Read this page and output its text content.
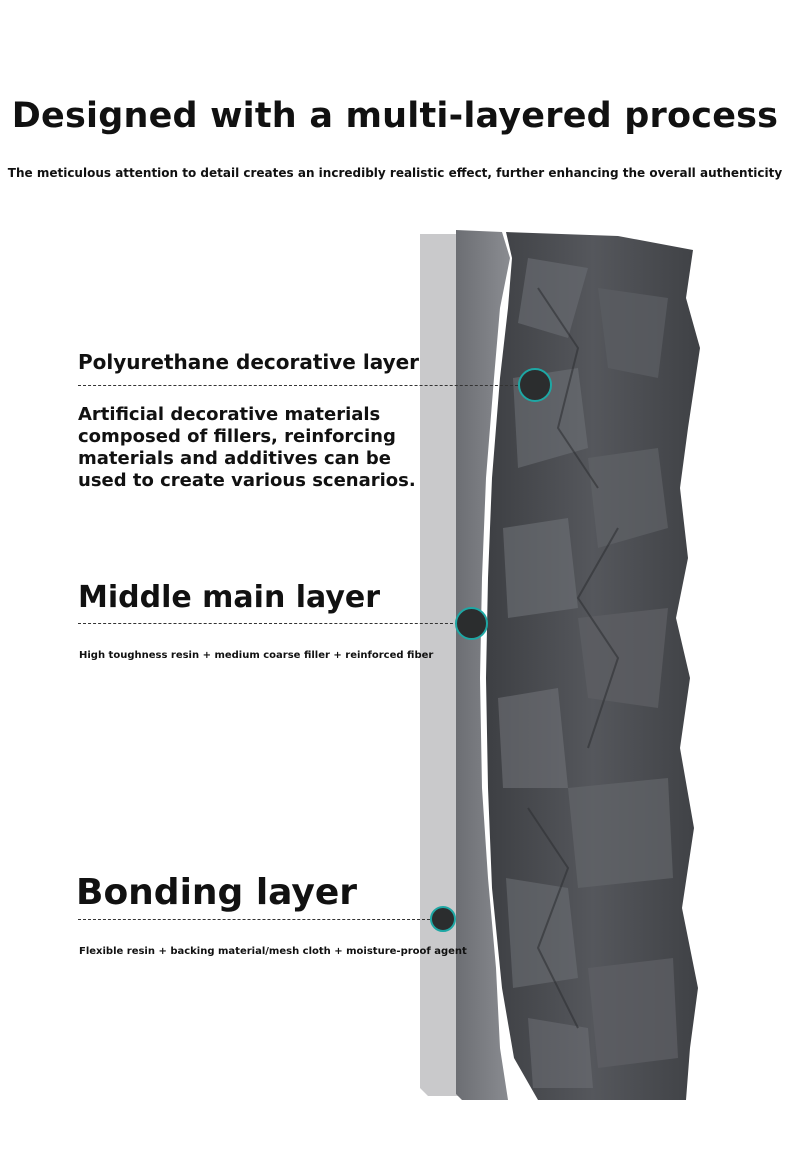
Designed with a multi-layered process

The meticulous attention to detail creates an incredibly realistic effect, further enhancing the overall authenticity

Polyurethane decorative layer

Artificial decorative materials composed of fillers, reinforcing materials and additives can be used to create various scenarios.

Middle main layer

High toughness resin + medium coarse filler + reinforced fiber

Bonding layer

Flexible resin + backing material/mesh cloth + moisture-proof agent
